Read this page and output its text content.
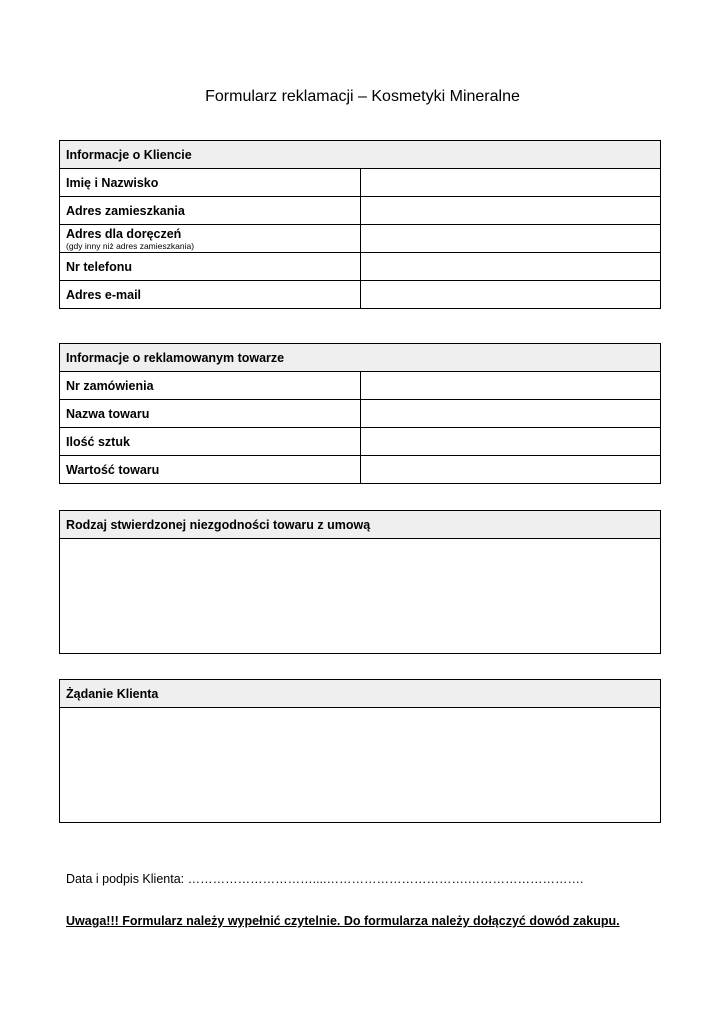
Formularz reklamacji – Kosmetyki Mineralne
Informacje o Kliencie	
Imię i Nazwisko	
Adres zamieszkania	

Adres dla doręczeń
(gdy inny niż adres zamieszkania)	

Nr telefonu	
Adres e-mail	
Informacje o reklamowanym towarze	
Nr zamówienia	
Nazwa towaru	
Ilość sztuk	
Wartość towaru	
Rodzaj stwierdzonej niezgodności towaru z umową

Żądanie Klienta

Data i podpis Klienta: …………………………....…………………………….……………………….
Uwaga!!! Formularz należy wypełnić czytelnie. Do formularza należy dołączyć dowód zakupu.
